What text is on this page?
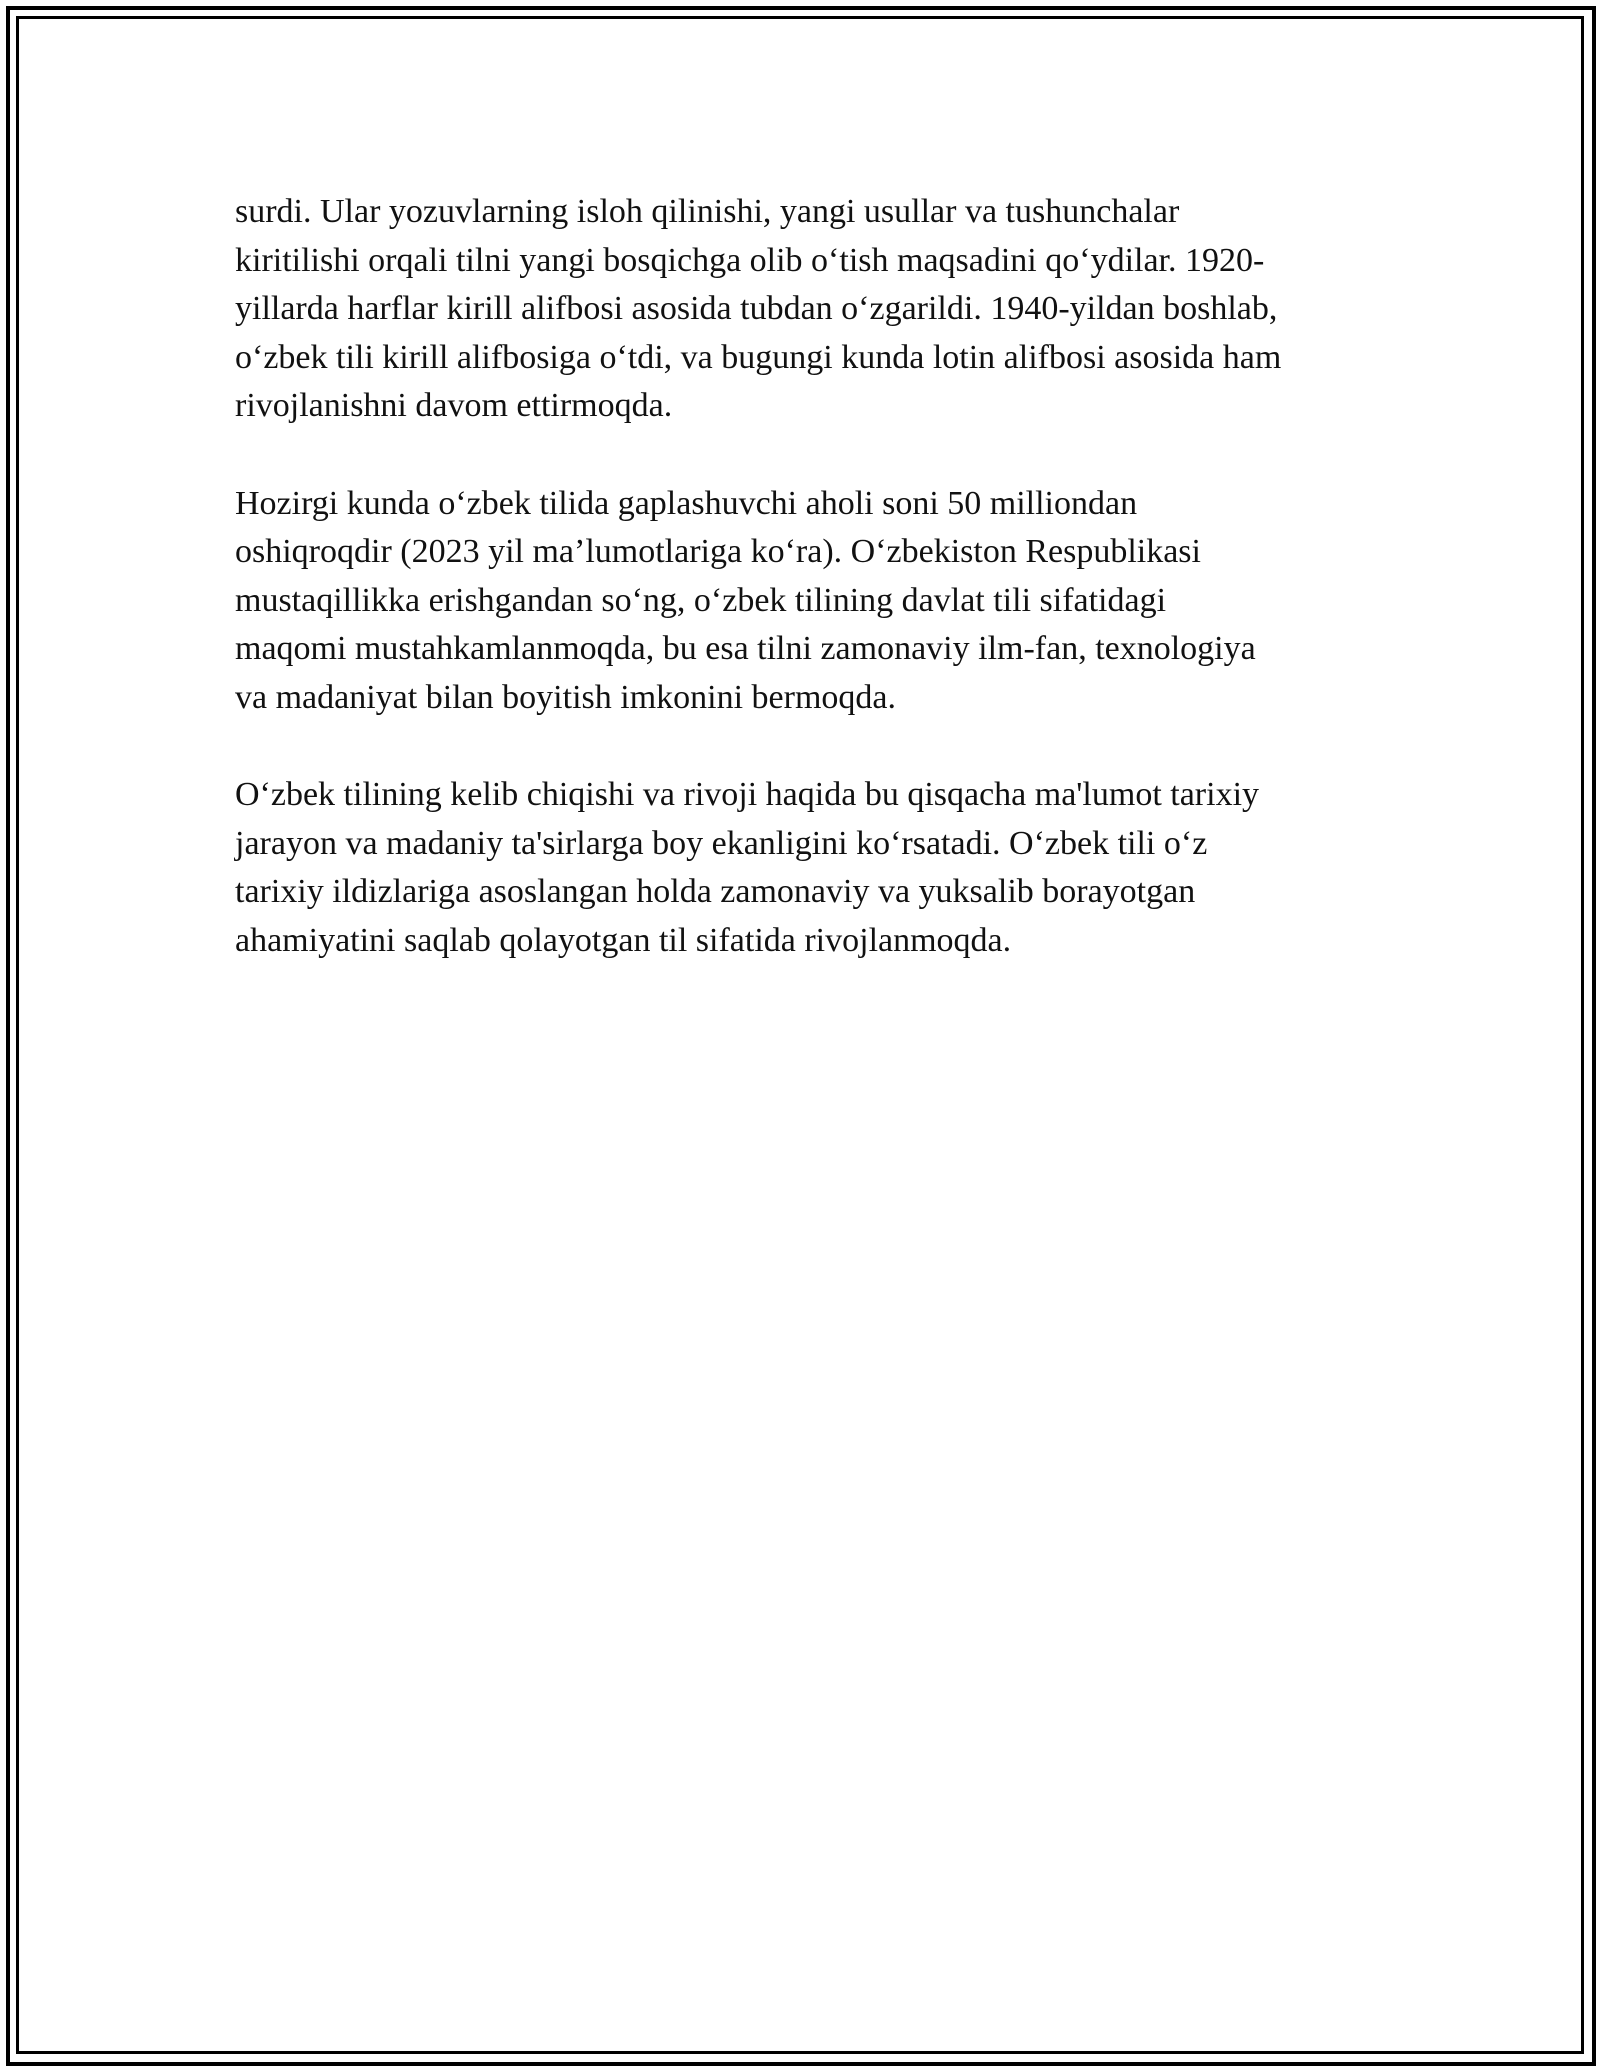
surdi. Ular yozuvlarning isloh qilinishi, yangi usullar va tushunchalar
kiritilishi orqali tilni yangi bosqichga olib o‘tish maqsadini qo‘ydilar. 1920-
yillarda harflar kirill alifbosi asosida tubdan o‘zgarildi. 1940-yildan boshlab,
o‘zbek tili kirill alifbosiga o‘tdi, va bugungi kunda lotin alifbosi asosida ham
rivojlanishni davom ettirmoqda.

Hozirgi kunda o‘zbek tilida gaplashuvchi aholi soni 50 milliondan
oshiqroqdir (2023 yil ma’lumotlariga ko‘ra). O‘zbekiston Respublikasi
mustaqillikka erishgandan so‘ng, o‘zbek tilining davlat tili sifatidagi
maqomi mustahkamlanmoqda, bu esa tilni zamonaviy ilm-fan, texnologiya
va madaniyat bilan boyitish imkonini bermoqda.

O‘zbek tilining kelib chiqishi va rivoji haqida bu qisqacha ma'lumot tarixiy
jarayon va madaniy ta'sirlarga boy ekanligini ko‘rsatadi. O‘zbek tili o‘z
tarixiy ildizlariga asoslangan holda zamonaviy va yuksalib borayotgan
ahamiyatini saqlab qolayotgan til sifatida rivojlanmoqda.
